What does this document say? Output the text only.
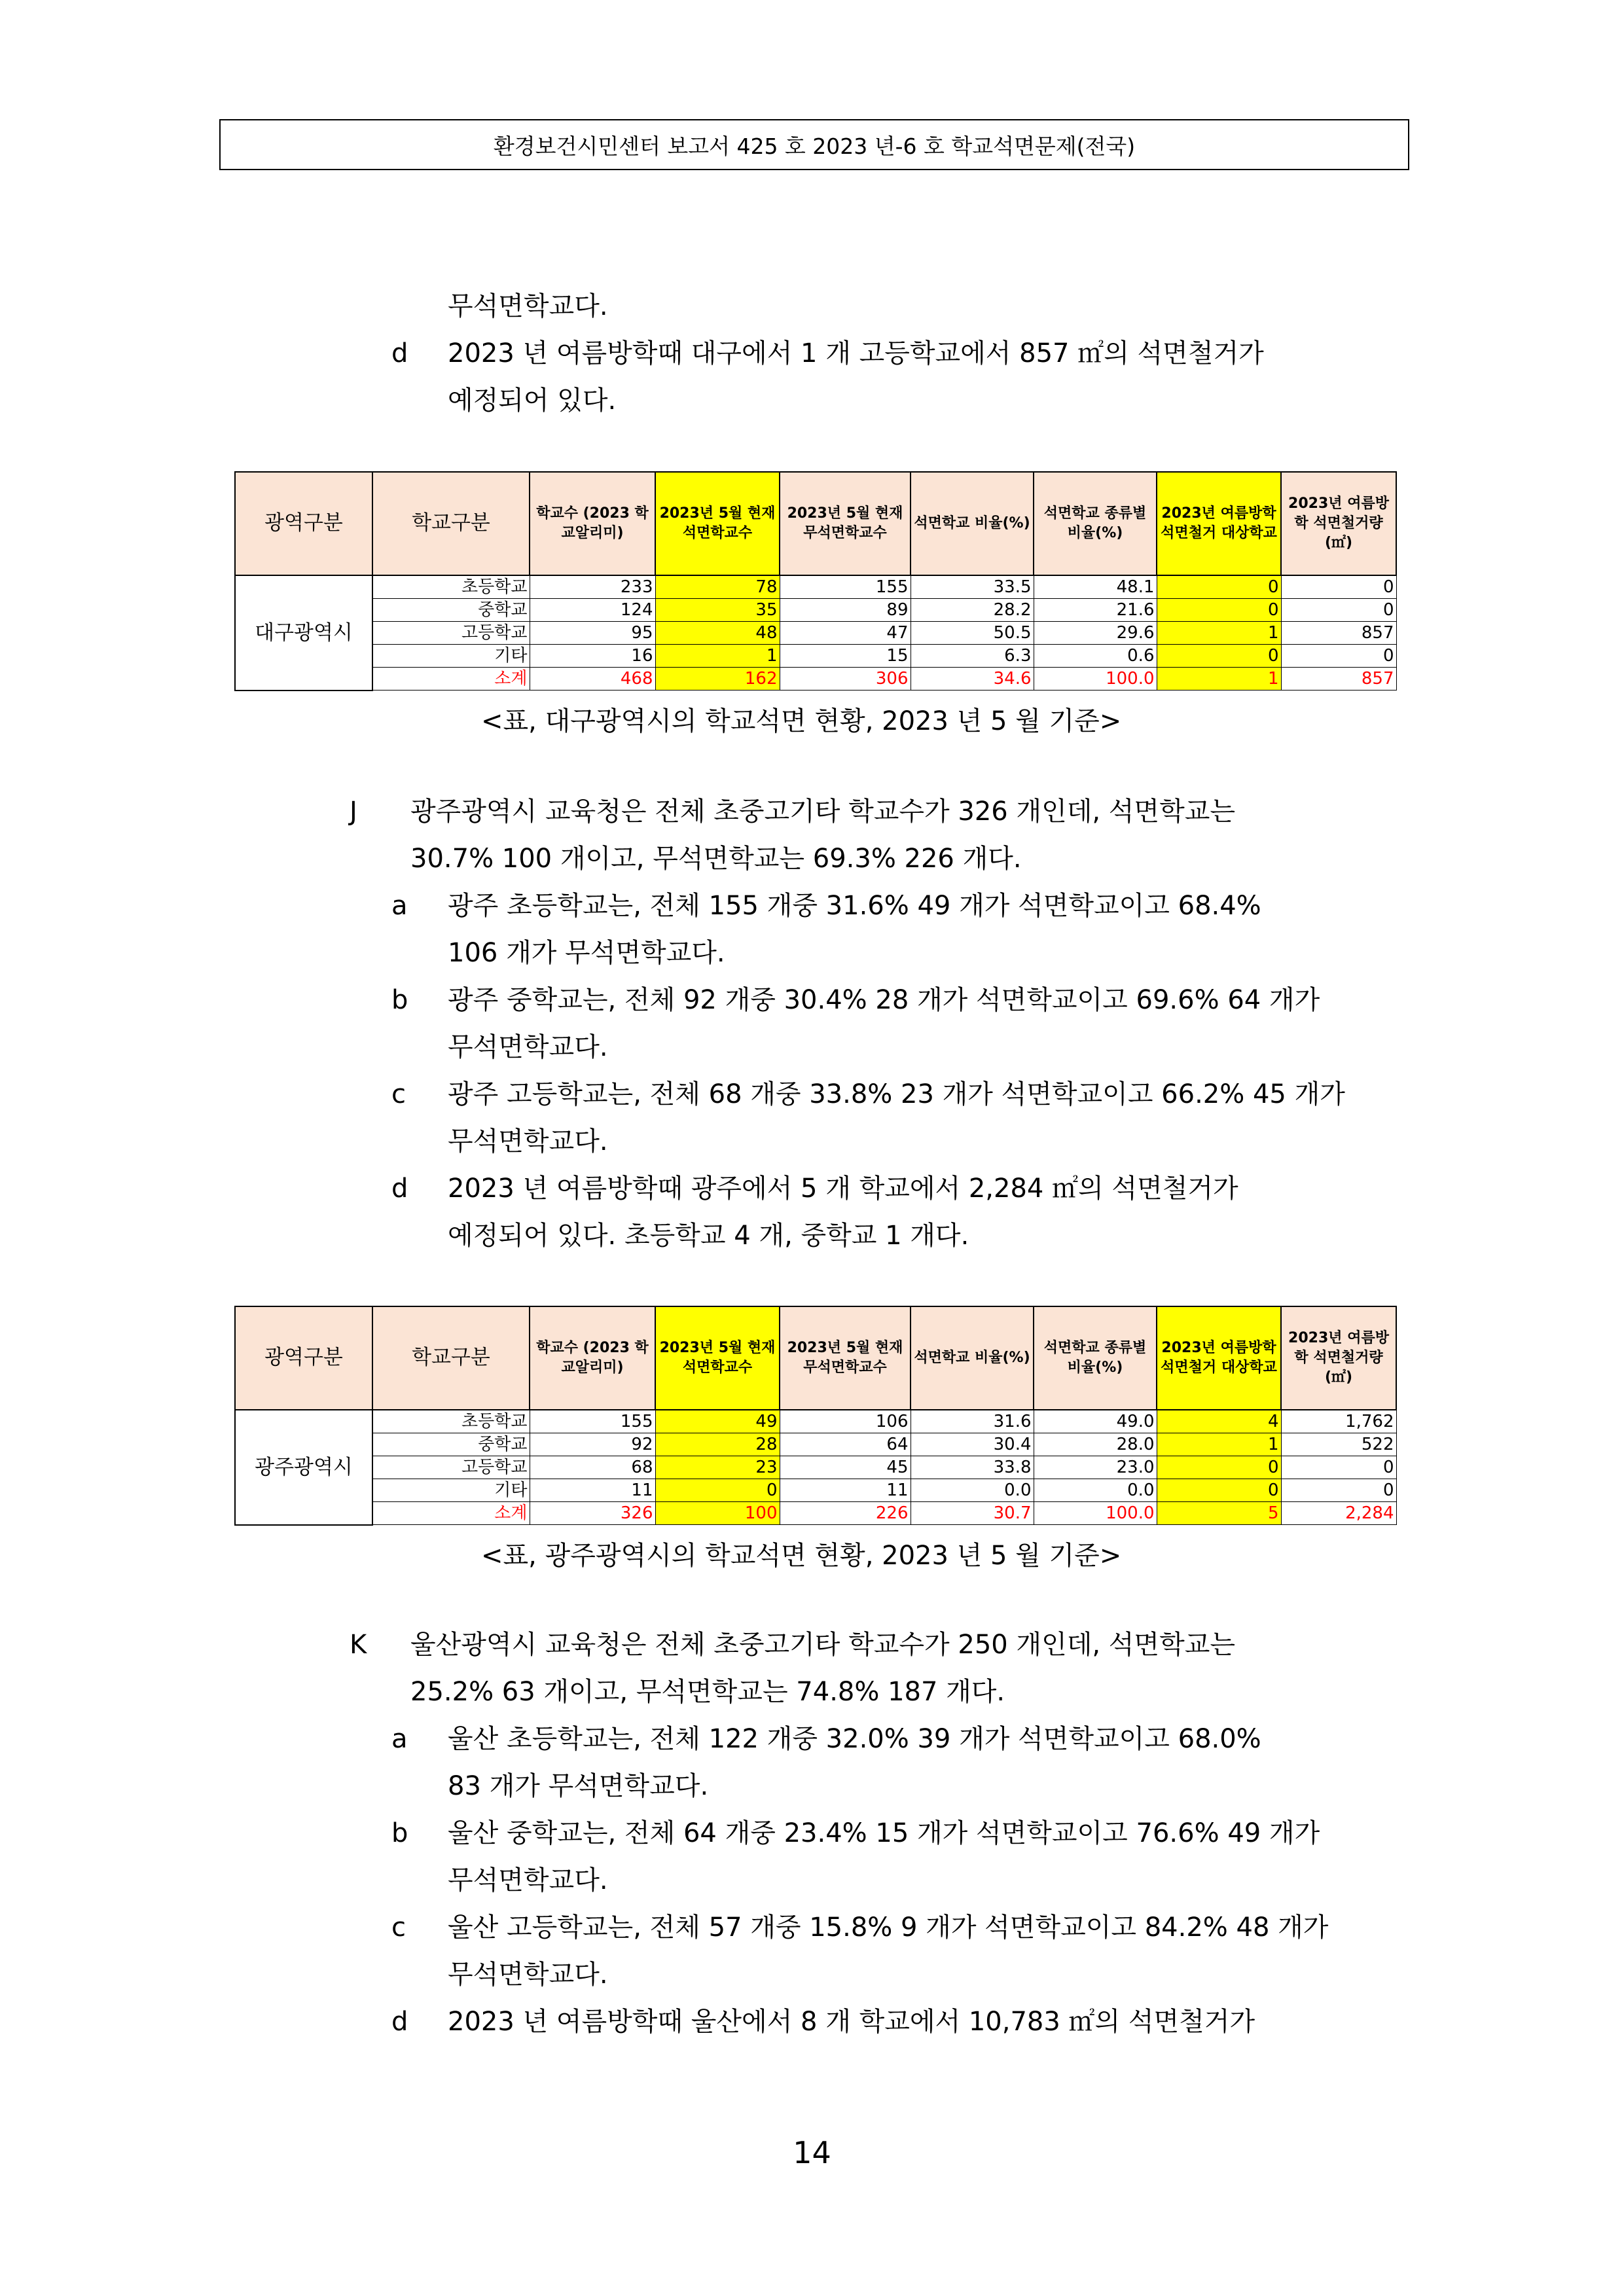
환경보건시민센터 보고서 425 호 2023 년-6 호 학교석면문제(전국)
무석면학교다.
d 2023 년 여름방학때 대구에서 1 개 고등학교에서 857 ㎡의 석면철거가
예정되어 있다.
광역구분	학교구분	학교수 (2023 학교알리미)	2023년 5월 현재 석면학교수	2023년 5월 현재 무석면학교수	석면학교 비율(%)	석면학교 종류별 비율(%)	2023년 여름방학 석면철거 대상학교	2023년 여름방학 석면철거량 (㎡)
대구광역시	초등학교	233	78	155	33.5	48.1	0	0
	중학교	124	35	89	28.2	21.6	0	0
	고등학교	95	48	47	50.5	29.6	1	857
	기타	16	1	15	6.3	0.6	0	0
	소계	468	162	306	34.6	100.0	1	857
<표, 대구광역시의 학교석면 현황, 2023 년 5 월 기준>
J 광주광역시 교육청은 전체 초중고기타 학교수가 326 개인데, 석면학교는
30.7% 100 개이고, 무석면학교는 69.3% 226 개다.
a 광주 초등학교는, 전체 155 개중 31.6% 49 개가 석면학교이고 68.4%
106 개가 무석면학교다.
b 광주 중학교는, 전체 92 개중 30.4% 28 개가 석면학교이고 69.6% 64 개가
무석면학교다.
c 광주 고등학교는, 전체 68 개중 33.8% 23 개가 석면학교이고 66.2% 45 개가
무석면학교다.
d 2023 년 여름방학때 광주에서 5 개 학교에서 2,284 ㎡의 석면철거가
예정되어 있다. 초등학교 4 개, 중학교 1 개다.
광역구분	학교구분	학교수 (2023 학교알리미)	2023년 5월 현재 석면학교수	2023년 5월 현재 무석면학교수	석면학교 비율(%)	석면학교 종류별 비율(%)	2023년 여름방학 석면철거 대상학교	2023년 여름방학 석면철거량 (㎡)
광주광역시	초등학교	155	49	106	31.6	49.0	4	1,762
	중학교	92	28	64	30.4	28.0	1	522
	고등학교	68	23	45	33.8	23.0	0	0
	기타	11	0	11	0.0	0.0	0	0
	소계	326	100	226	30.7	100.0	5	2,284
<표, 광주광역시의 학교석면 현황, 2023 년 5 월 기준>
K 울산광역시 교육청은 전체 초중고기타 학교수가 250 개인데, 석면학교는
25.2% 63 개이고, 무석면학교는 74.8% 187 개다.
a 울산 초등학교는, 전체 122 개중 32.0% 39 개가 석면학교이고 68.0%
83 개가 무석면학교다.
b 울산 중학교는, 전체 64 개중 23.4% 15 개가 석면학교이고 76.6% 49 개가
무석면학교다.
c 울산 고등학교는, 전체 57 개중 15.8% 9 개가 석면학교이고 84.2% 48 개가
무석면학교다.
d 2023 년 여름방학때 울산에서 8 개 학교에서 10,783 ㎡의 석면철거가
14
